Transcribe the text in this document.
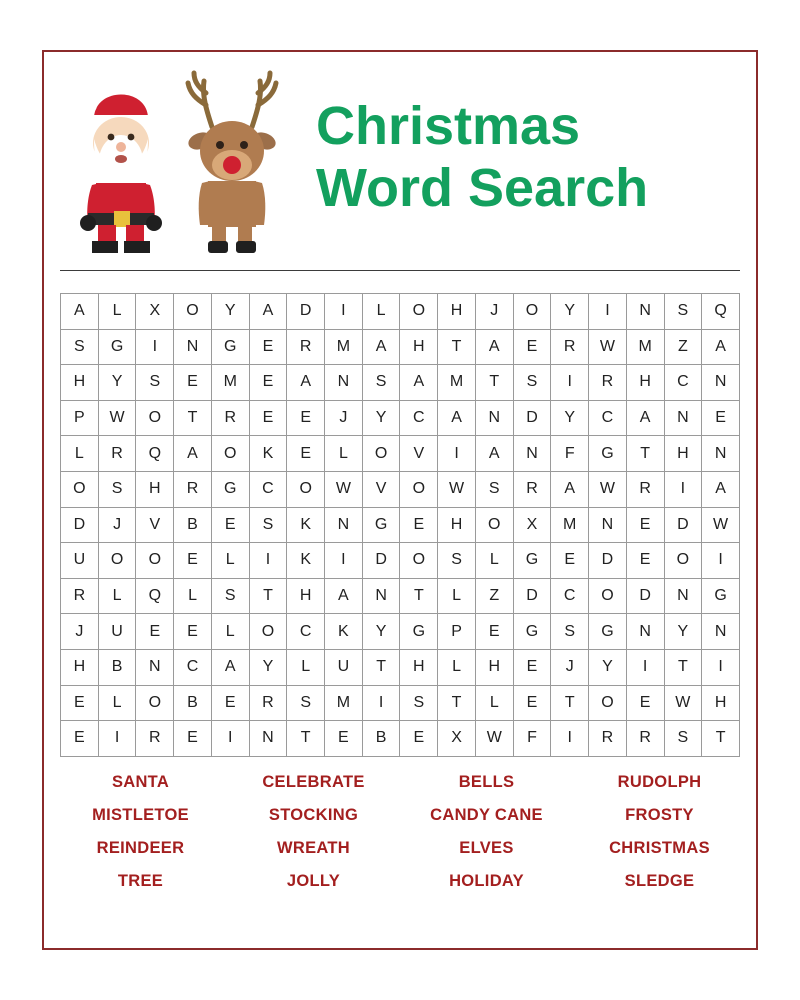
Christmas
Word Search
A	L	X	O	Y	A	D	I	L	O	H	J	O	Y	I	N	S	Q
S	G	I	N	G	E	R	M	A	H	T	A	E	R	W	M	Z	A
H	Y	S	E	M	E	A	N	S	A	M	T	S	I	R	H	C	N
P	W	O	T	R	E	E	J	Y	C	A	N	D	Y	C	A	N	E
L	R	Q	A	O	K	E	L	O	V	I	A	N	F	G	T	H	N
O	S	H	R	G	C	O	W	V	O	W	S	R	A	W	R	I	A
D	J	V	B	E	S	K	N	G	E	H	O	X	M	N	E	D	W
U	O	O	E	L	I	K	I	D	O	S	L	G	E	D	E	O	I
R	L	Q	L	S	T	H	A	N	T	L	Z	D	C	O	D	N	G
J	U	E	E	L	O	C	K	Y	G	P	E	G	S	G	N	Y	N
H	B	N	C	A	Y	L	U	T	H	L	H	E	J	Y	I	T	I
E	L	O	B	E	R	S	M	I	S	T	L	E	T	O	E	W	H
E	I	R	E	I	N	T	E	B	E	X	W	F	I	R	R	S	T
SANTA	CELEBRATE	BELLS	RUDOLPH
MISTLETOE	STOCKING	CANDY CANE	FROSTY
REINDEER	WREATH	ELVES	CHRISTMAS
TREE	JOLLY	HOLIDAY	SLEDGE
